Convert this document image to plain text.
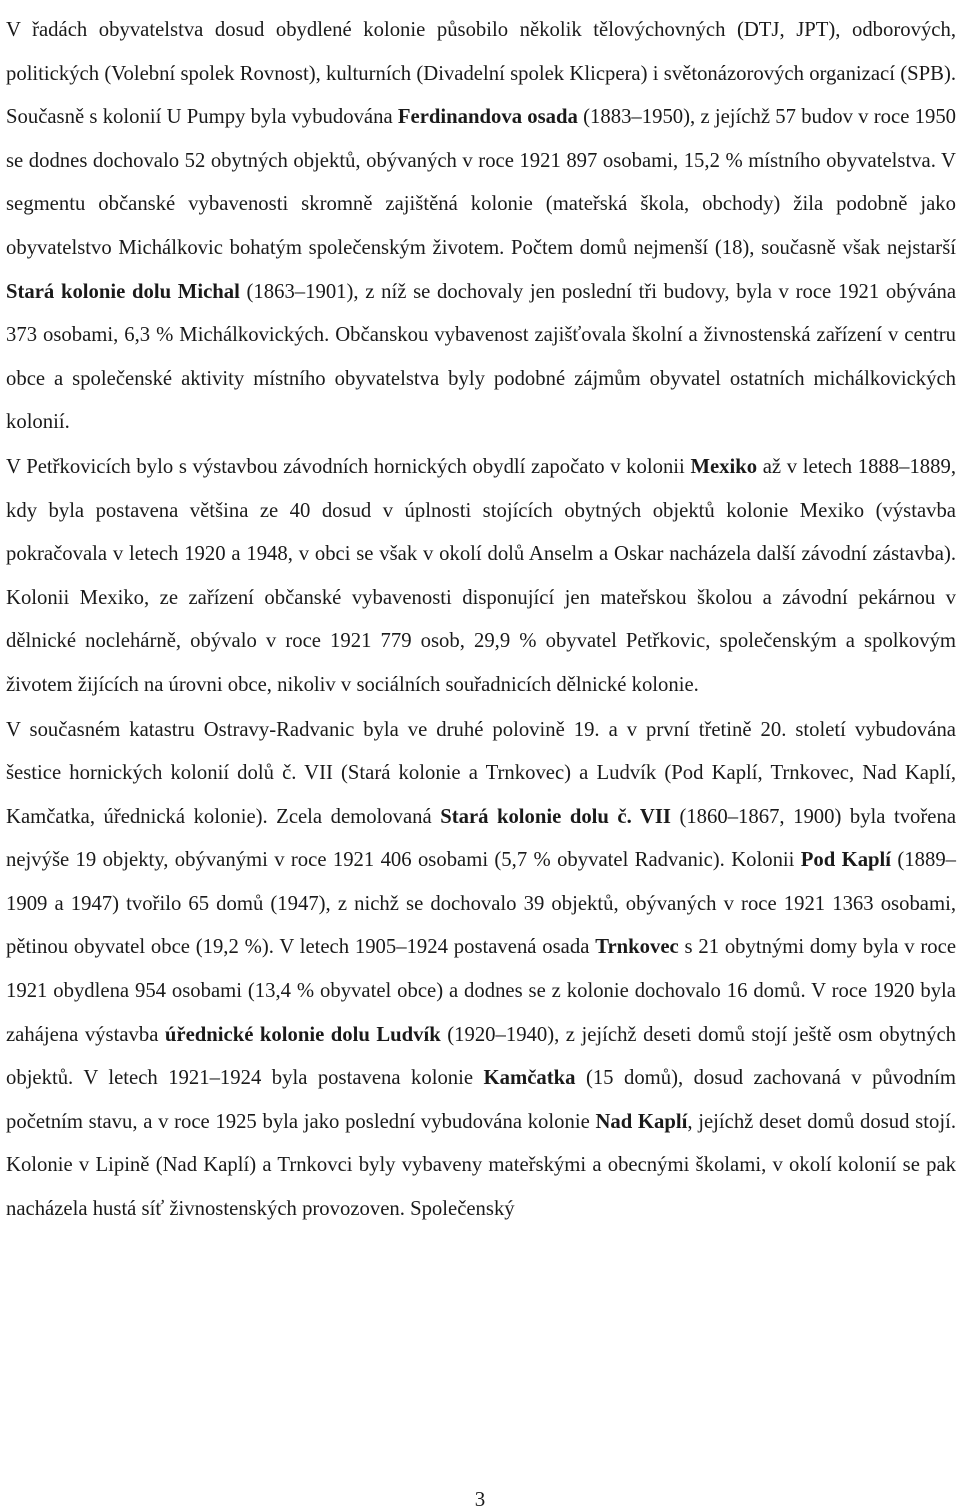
V řadách obyvatelstva dosud obydlené kolonie působilo několik tělovýchovných (DTJ, JPT), odborových, politických (Volební spolek Rovnost), kulturních (Divadelní spolek Klicpera) i světonázorových organizací (SPB). Současně s kolonií U Pumpy byla vybudována Ferdinandova osada (1883–1950), z jejíchž 57 budov v roce 1950 se dodnes dochovalo 52 obytných objektů, obývaných v roce 1921 897 osobami, 15,2 % místního obyvatelstva. V segmentu občanské vybavenosti skromně zajištěná kolonie (mateřská škola, obchody) žila podobně jako obyvatelstvo Michálkovic bohatým společenským životem. Počtem domů nejmenší (18), současně však nejstarší Stará kolonie dolu Michal (1863–1901), z níž se dochovaly jen poslední tři budovy, byla v roce 1921 obývána 373 osobami, 6,3 % Michálkovických. Občanskou vybavenost zajišťovala školní a živnostenská zařízení v centru obce a společenské aktivity místního obyvatelstva byly podobné zájmům obyvatel ostatních michálkovických kolonií.

V Petřkovicích bylo s výstavbou závodních hornických obydlí započato v kolonii Mexiko až v letech 1888–1889, kdy byla postavena většina ze 40 dosud v úplnosti stojících obytných objektů kolonie Mexiko (výstavba pokračovala v letech 1920 a 1948, v obci se však v okolí dolů Anselm a Oskar nacházela další závodní zástavba). Kolonii Mexiko, ze zařízení občanské vybavenosti disponující jen mateřskou školou a závodní pekárnou v dělnické noclehárně, obývalo v roce 1921 779 osob, 29,9 % obyvatel Petřkovic, společenským a spolkovým životem žijících na úrovni obce, nikoliv v sociálních souřadnicích dělnické kolonie.

V současném katastru Ostravy-Radvanic byla ve druhé polovině 19. a v první třetině 20. století vybudována šestice hornických kolonií dolů č. VII (Stará kolonie a Trnkovec) a Ludvík (Pod Kaplí, Trnkovec, Nad Kaplí, Kamčatka, úřednická kolonie). Zcela demolovaná Stará kolonie dolu č. VII (1860–1867, 1900) byla tvořena nejvýše 19 objekty, obývanými v roce 1921 406 osobami (5,7 % obyvatel Radvanic). Kolonii Pod Kaplí (1889–1909 a 1947) tvořilo 65 domů (1947), z nichž se dochovalo 39 objektů, obývaných v roce 1921 1363 osobami, pětinou obyvatel obce (19,2 %). V letech 1905–1924 postavená osada Trnkovec s 21 obytnými domy byla v roce 1921 obydlena 954 osobami (13,4 % obyvatel obce) a dodnes se z kolonie dochovalo 16 domů. V roce 1920 byla zahájena výstavba úřednické kolonie dolu Ludvík (1920–1940), z jejíchž deseti domů stojí ještě osm obytných objektů. V letech 1921–1924 byla postavena kolonie Kamčatka (15 domů), dosud zachovaná v původním početním stavu, a v roce 1925 byla jako poslední vybudována kolonie Nad Kaplí, jejíchž deset domů dosud stojí. Kolonie v Lipině (Nad Kaplí) a Trnkovci byly vybaveny mateřskými a obecnými školami, v okolí kolonií se pak nacházela hustá síť živnostenských provozoven. Společenský

3
